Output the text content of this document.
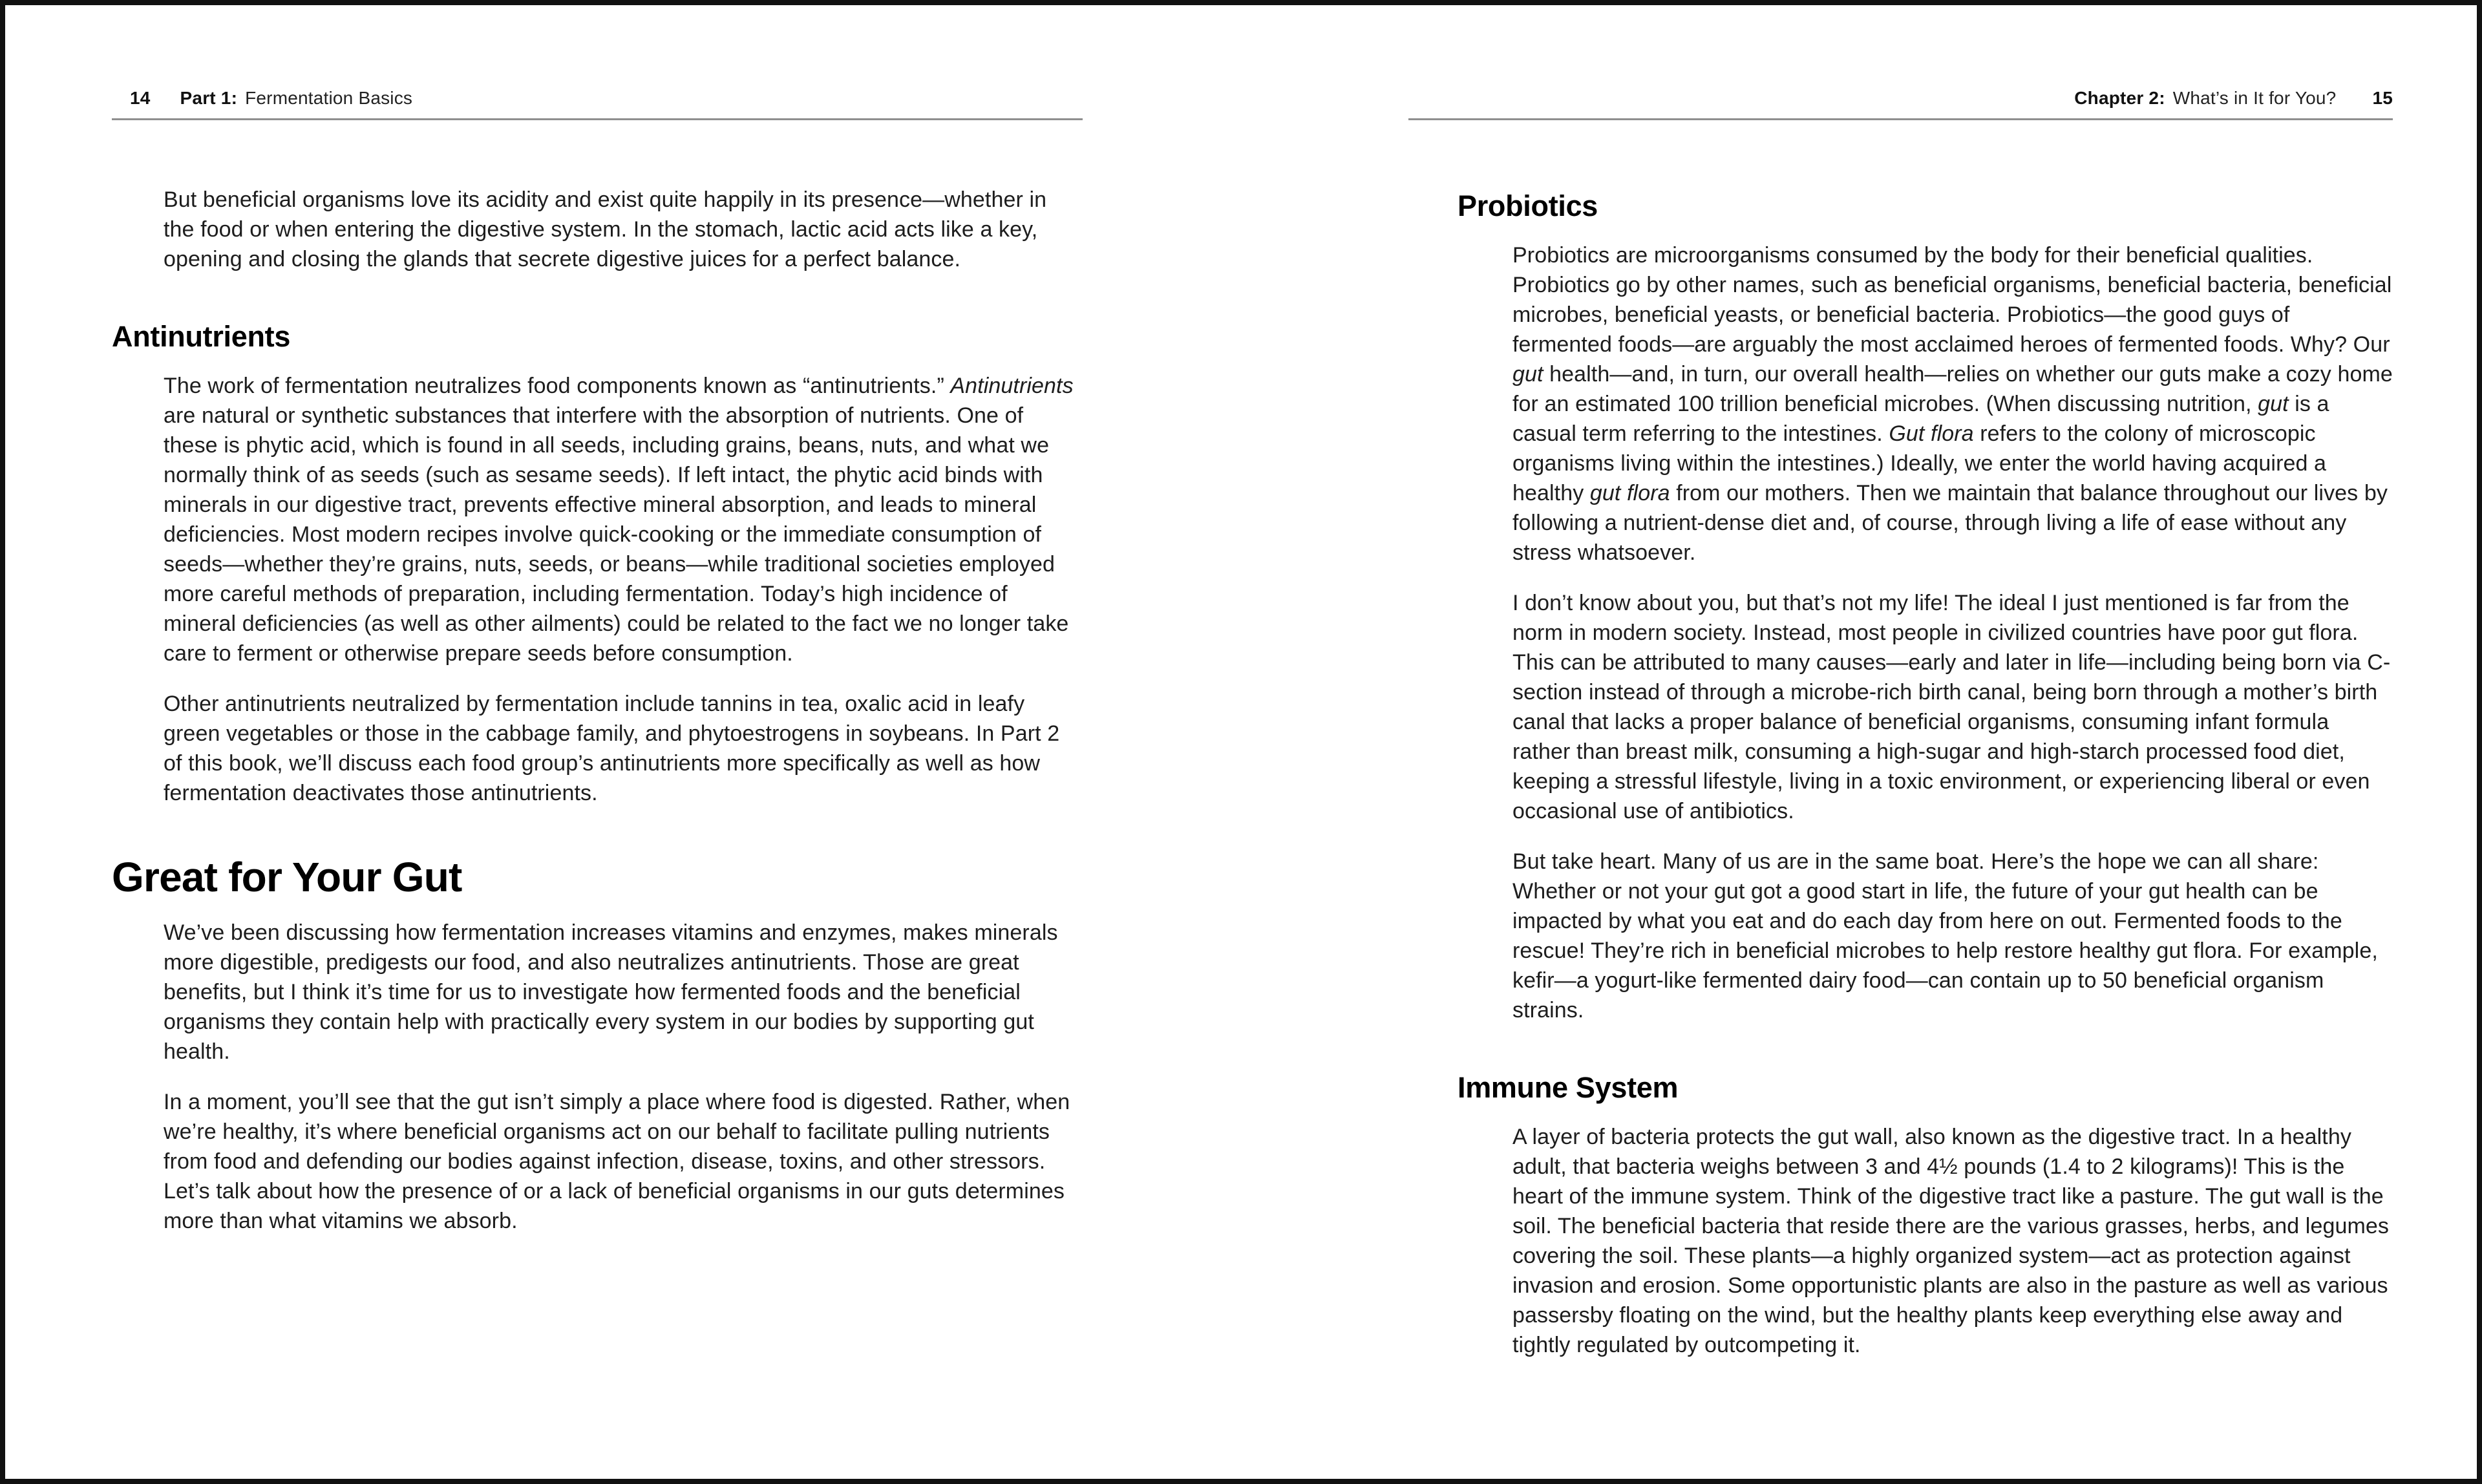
14 Part 1: Fermentation Basics

But beneficial organisms love its acidity and exist quite happily in its presence—whether in the food or when entering the digestive system. In the stomach, lactic acid acts like a key, opening and closing the glands that secrete digestive juices for a perfect balance.

Antinutrients

The work of fermentation neutralizes food components known as “antinutrients.” Antinutrients are natural or synthetic substances that interfere with the absorption of nutrients. One of these is phytic acid, which is found in all seeds, including grains, beans, nuts, and what we normally think of as seeds (such as sesame seeds). If left intact, the phytic acid binds with minerals in our digestive tract, prevents effective mineral absorption, and leads to mineral deficiencies. Most modern recipes involve quick-cooking or the immediate consumption of seeds—whether they’re grains, nuts, seeds, or beans—while traditional societies employed more careful methods of preparation, including fermentation. Today’s high incidence of mineral deficiencies (as well as other ailments) could be related to the fact we no longer take care to ferment or otherwise prepare seeds before consumption.

Other antinutrients neutralized by fermentation include tannins in tea, oxalic acid in leafy green vegetables or those in the cabbage family, and phytoestrogens in soybeans. In Part 2 of this book, we’ll discuss each food group’s antinutrients more specifically as well as how fermentation deactivates those antinutrients.

Great for Your Gut

We’ve been discussing how fermentation increases vitamins and enzymes, makes minerals more digestible, predigests our food, and also neutralizes antinutrients. Those are great benefits, but I think it’s time for us to investigate how fermented foods and the beneficial organisms they contain help with practically every system in our bodies by supporting gut health.

In a moment, you’ll see that the gut isn’t simply a place where food is digested. Rather, when we’re healthy, it’s where beneficial organisms act on our behalf to facilitate pulling nutrients from food and defending our bodies against infection, disease, toxins, and other stressors. Let’s talk about how the presence of or a lack of beneficial organisms in our guts determines more than what vitamins we absorb.

Chapter 2: What’s in It for You? 15
Probiotics

Probiotics are microorganisms consumed by the body for their beneficial qualities. Probiotics go by other names, such as beneficial organisms, beneficial bacteria, beneficial microbes, beneficial yeasts, or beneficial bacteria. Probiotics—the good guys of fermented foods—are arguably the most acclaimed heroes of fermented foods. Why? Our gut health—and, in turn, our overall health—relies on whether our guts make a cozy home for an estimated 100 trillion beneficial microbes. (When discussing nutrition, gut is a casual term referring to the intestines. Gut flora refers to the colony of microscopic organisms living within the intestines.) Ideally, we enter the world having acquired a healthy gut flora from our mothers. Then we maintain that balance throughout our lives by following a nutrient-dense diet and, of course, through living a life of ease without any stress whatsoever.

I don’t know about you, but that’s not my life! The ideal I just mentioned is far from the norm in modern society. Instead, most people in civilized countries have poor gut flora. This can be attributed to many causes—early and later in life—including being born via C-section instead of through a microbe-rich birth canal, being born through a mother’s birth canal that lacks a proper balance of beneficial organisms, consuming infant formula rather than breast milk, consuming a high-sugar and high-starch processed food diet, keeping a stressful lifestyle, living in a toxic environment, or experiencing liberal or even occasional use of antibiotics.

But take heart. Many of us are in the same boat. Here’s the hope we can all share: Whether or not your gut got a good start in life, the future of your gut health can be impacted by what you eat and do each day from here on out. Fermented foods to the rescue! They’re rich in beneficial microbes to help restore healthy gut flora. For example, kefir—a yogurt-like fermented dairy food—can contain up to 50 beneficial organism strains.

Immune System

A layer of bacteria protects the gut wall, also known as the digestive tract. In a healthy adult, that bacteria weighs between 3 and 4½ pounds (1.4 to 2 kilograms)! This is the heart of the immune system. Think of the digestive tract like a pasture. The gut wall is the soil. The beneficial bacteria that reside there are the various grasses, herbs, and legumes covering the soil. These plants—a highly organized system—act as protection against invasion and erosion. Some opportunistic plants are also in the pasture as well as various passersby floating on the wind, but the healthy plants keep everything else away and tightly regulated by outcompeting it.
